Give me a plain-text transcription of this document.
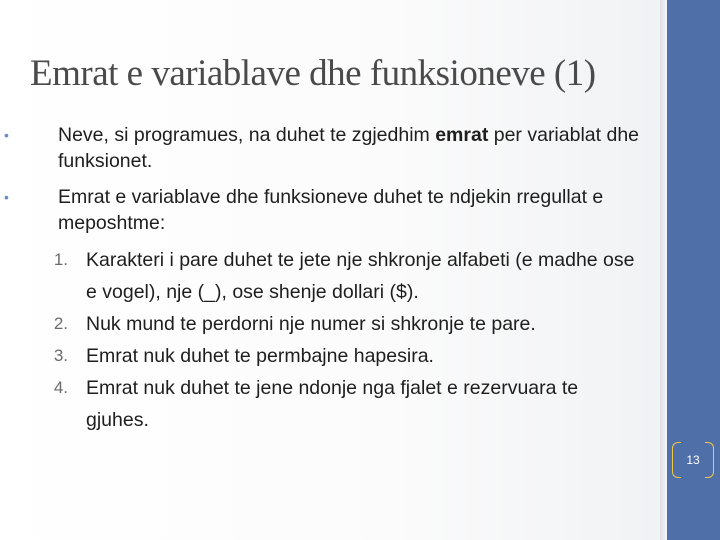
Emrat e variablave dhe funksioneve (1)
•	Neve, si programues, na duhet te zgjedhim emrat per variablat dhe funksionet.
•	Emrat e variablave dhe funksioneve duhet te ndjekin rregullat e meposhtme:
1. Karakteri i pare duhet te jete nje shkronje alfabeti (e madhe ose e vogel), nje (_), ose shenje dollari ($).
2. Nuk mund te perdorni nje numer si shkronje te pare.
3. Emrat nuk duhet te permbajne hapesira.
4. Emrat nuk duhet te jene ndonje nga fjalet e rezervuara te gjuhes.
13
